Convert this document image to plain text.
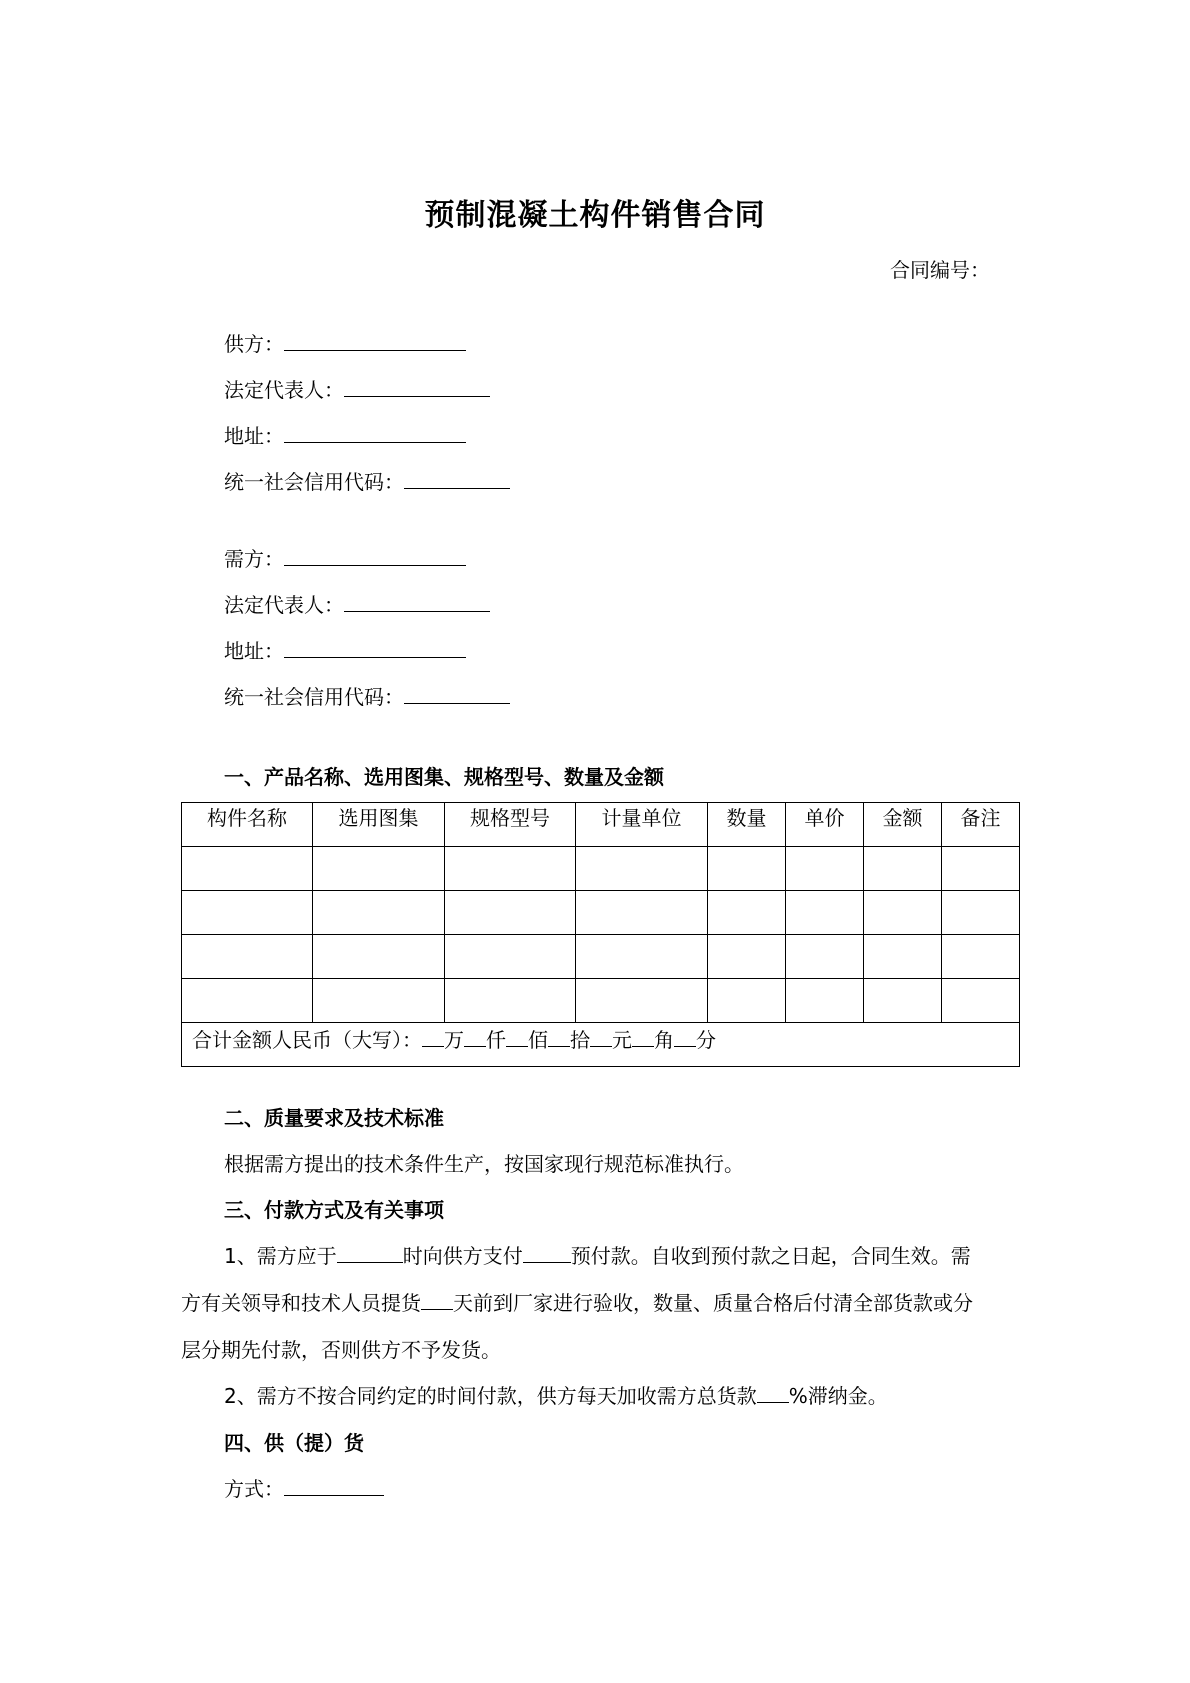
预制混凝土构件销售合同
合同编号：
供方：
法定代表人：
地址：
统一社会信用代码：
需方：
法定代表人：
地址：
统一社会信用代码：
一、产品名称、选用图集、规格型号、数量及金额
构件名称	选用图集	规格型号	计量单位	数量	单价	金额	备注

合计金额人民币（大写）： 万 仟 佰 拾 元 角 分							
二、质量要求及技术标准
根据需方提出的技术条件生产，按国家现行规范标准执行。
三、付款方式及有关事项
1、需方应于	时向供方支付 预付款。自收到预付款之日起，合同生效。需
方有关领导和技术人员提货 天前到厂家进行验收，数量、质量合格后付清全部货款或分
层分期先付款，否则供方不予发货。
2、需方不按合同约定的时间付款，供方每天加收需方总货款 %滞纳金。
四、供（提）货
方式：
